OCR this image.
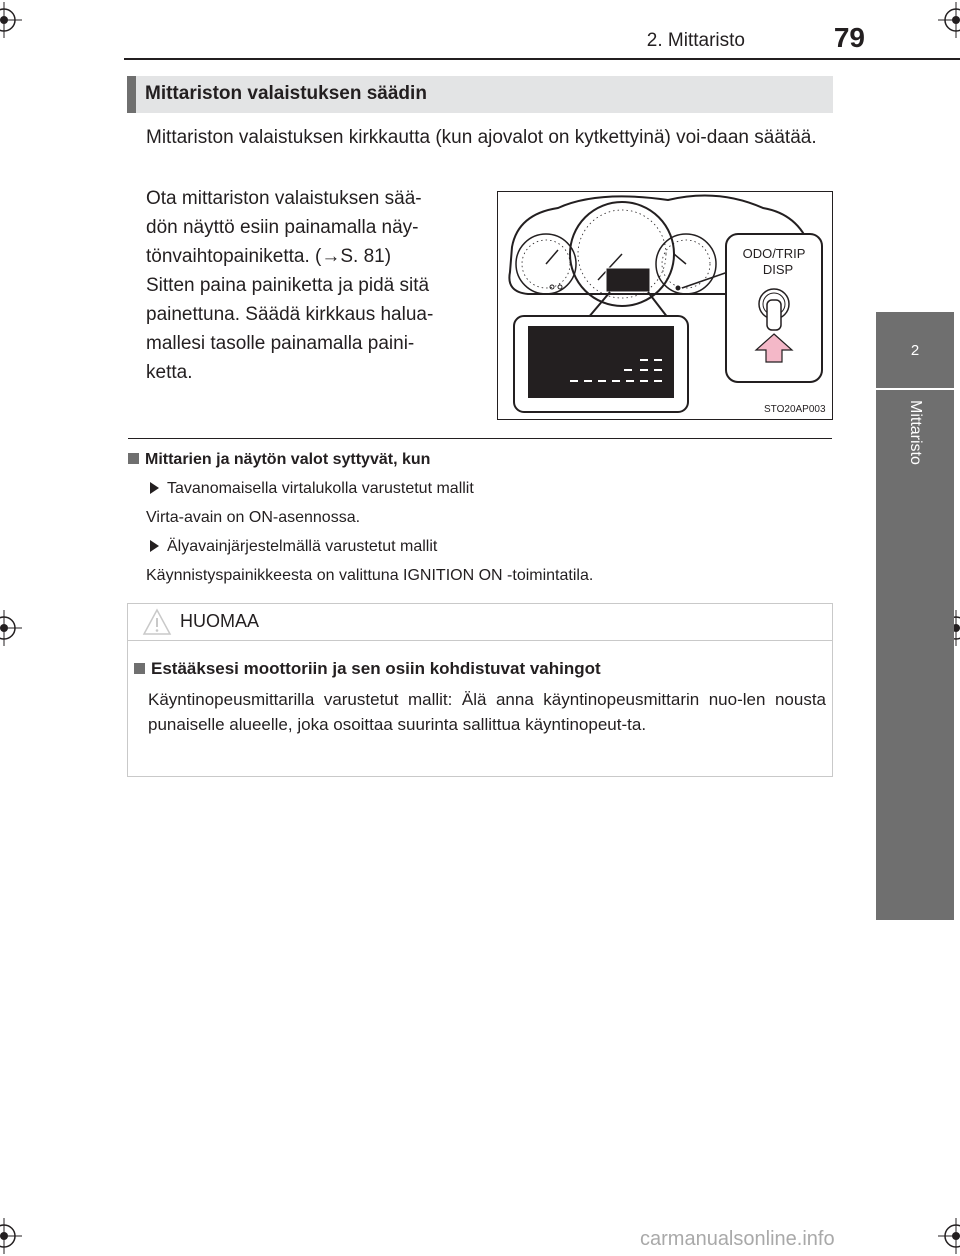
2. Mittaristo	79
2
Mittaristo
Mittariston valaistuksen säädin
Mittariston valaistuksen kirkkautta (kun ajovalot on kytkettyinä) voi-daan säätää.
Ota mittariston valaistuksen sää-
dön näyttö esiin painamalla näy-
tönvaihtopainiketta. (→S. 81)
Sitten paina painiketta ja pidä sitä
painettuna. Säädä kirkkaus halua-
mallesi tasolle painamalla paini-
ketta.
ODO/TRIP
DISP
STO20AP003
Mittarien ja näytön valot syttyvät, kun
Tavanomaisella virtalukolla varustetut mallit
Virta-avain on ON-asennossa.
Älyavainjärjestelmällä varustetut mallit
Käynnistyspainikkeesta on valittuna IGNITION ON -toimintatila.
HUOMAA
Estääksesi moottoriin ja sen osiin kohdistuvat vahingot
Käyntinopeusmittarilla varustetut mallit: Älä anna käyntinopeusmittarin nuo-len nousta punaiselle alueelle, joka osoittaa suurinta sallittua käyntinopeut-ta.
carmanualsonline.info
